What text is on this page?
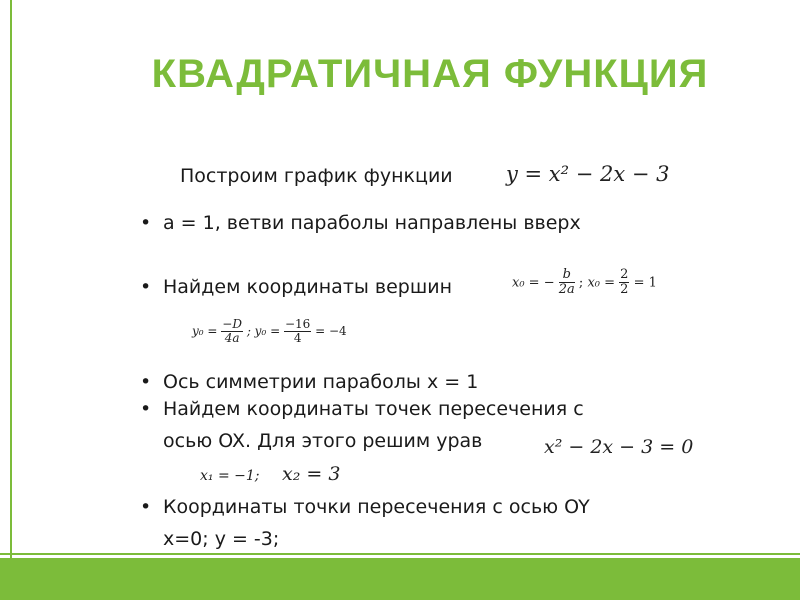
КВАДРАТИЧНАЯ ФУНКЦИЯ
Построим график функции	y = x² − 2x − 3
• a = 1, ветви параболы направлены вверх
• Найдем координаты вершин	x₀ = − $\frac{b}{2a}$ ; $x_0 = \frac{2}{2} = 1$
$y_0 = \frac{-D}{4a}$ ; $y_0 = \frac{-16}{4} = -4$
• Ось симметрии параболы x = 1
• Найдем координаты точек пересечения с
осью OX. Для этого решим урав	x² − 2x − 3 = 0
x₁ = −1; x₂ = 3
• Координаты точки пересечения с осью OY
x=0; y = -3;
